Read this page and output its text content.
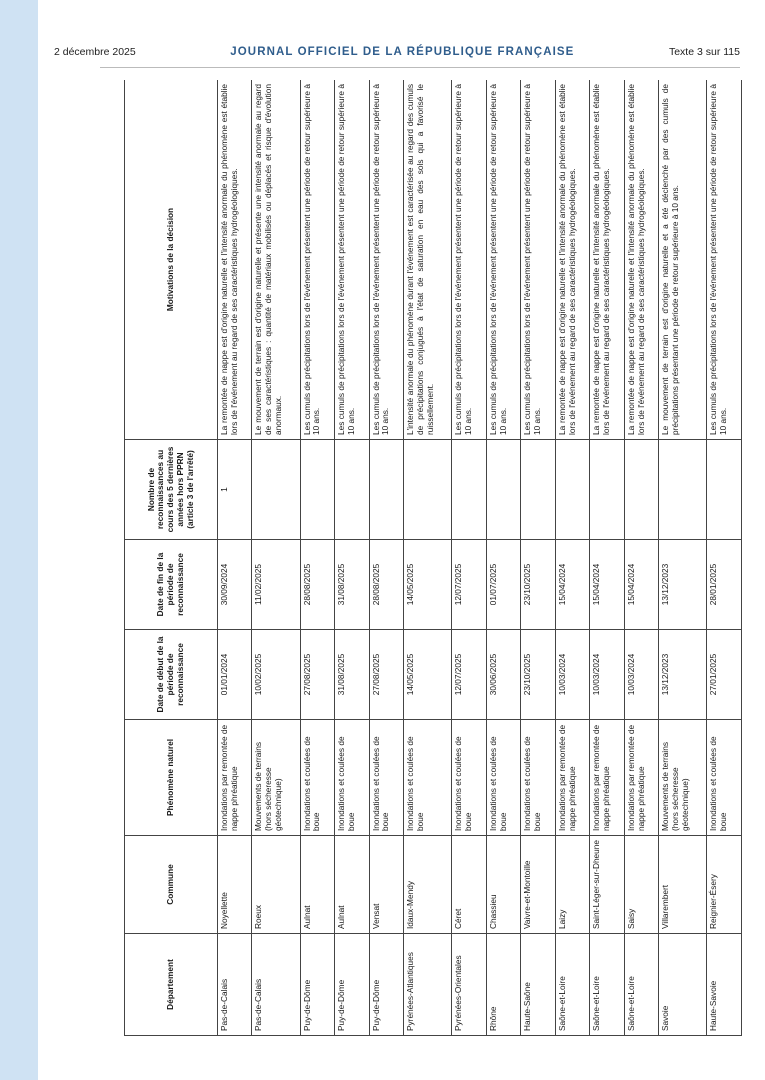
2 décembre 2025	JOURNAL OFFICIEL DE LA RÉPUBLIQUE FRANÇAISE	Texte 3 sur 115
Département	Commune	Phénomène naturel	Date de début de la période de reconnaissance	Date de fin de la période de reconnaissance	Nombre de reconnaissances au cours des 5 dernières années hors PPRN (article 3 de l'arrêté)	Motivations de la décision
Pas-de-Calais	Noyellette	Inondations par remontée de nappe phréatique	01/01/2024	30/09/2024	1	La remontée de nappe est d'origine naturelle et l'intensité anormale du phénomène est établie lors de l'événement au regard de ses caractéristiques hydrogéologiques.
Pas-de-Calais	Roeux	Mouvements de terrains (hors sécheresse géotechnique)	10/02/2025	11/02/2025		Le mouvement de terrain est d'origine naturelle et présente une intensité anormale au regard de ses caractéristiques : quantité de matériaux mobilisés ou déplacés et risque d'évolution anormaux.
Puy-de-Dôme	Aulnat	Inondations et coulées de boue	27/08/2025	28/08/2025		Les cumuls de précipitations lors de l'événement présentent une période de retour supérieure à 10 ans.
Puy-de-Dôme	Aulnat	Inondations et coulées de boue	31/08/2025	31/08/2025		Les cumuls de précipitations lors de l'événement présentent une période de retour supérieure à 10 ans.
Puy-de-Dôme	Vensat	Inondations et coulées de boue	27/08/2025	28/08/2025		Les cumuls de précipitations lors de l'événement présentent une période de retour supérieure à 10 ans.
Pyrénées-Atlantiques	Idaux-Mendy	Inondations et coulées de boue	14/05/2025	14/05/2025		L'intensité anormale du phénomène durant l'événement est caractérisée au regard des cumuls de précipitations conjugués à l'état de saturation en eau des sols qui a favorisé le ruissellement.
Pyrénées-Orientales	Céret	Inondations et coulées de boue	12/07/2025	12/07/2025		Les cumuls de précipitations lors de l'événement présentent une période de retour supérieure à 10 ans.
Rhône	Chassieu	Inondations et coulées de boue	30/06/2025	01/07/2025		Les cumuls de précipitations lors de l'événement présentent une période de retour supérieure à 10 ans.
Haute-Saône	Vaivre-et-Montoille	Inondations et coulées de boue	23/10/2025	23/10/2025		Les cumuls de précipitations lors de l'événement présentent une période de retour supérieure à 10 ans.
Saône-et-Loire	Laizy	Inondations par remontée de nappe phréatique	10/03/2024	15/04/2024		La remontée de nappe est d'origine naturelle et l'intensité anormale du phénomène est établie lors de l'événement au regard de ses caractéristiques hydrogéologiques.
Saône-et-Loire	Saint-Léger-sur-Dheune	Inondations par remontée de nappe phréatique	10/03/2024	15/04/2024		La remontée de nappe est d'origine naturelle et l'intensité anormale du phénomène est établie lors de l'événement au regard de ses caractéristiques hydrogéologiques.
Saône-et-Loire	Saisy	Inondations par remontée de nappe phréatique	10/03/2024	15/04/2024		La remontée de nappe est d'origine naturelle et l'intensité anormale du phénomène est établie lors de l'événement au regard de ses caractéristiques hydrogéologiques.
Savoie	Villarembert	Mouvements de terrains (hors sécheresse géotechnique)	13/12/2023	13/12/2023		Le mouvement de terrain est d'origine naturelle et a été déclenché par des cumuls de précipitations présentant une période de retour supérieure à 10 ans.
Haute-Savoie	Reignier-Ésery	Inondations et coulées de boue	27/01/2025	28/01/2025		Les cumuls de précipitations lors de l'événement présentent une période de retour supérieure à 10 ans.
